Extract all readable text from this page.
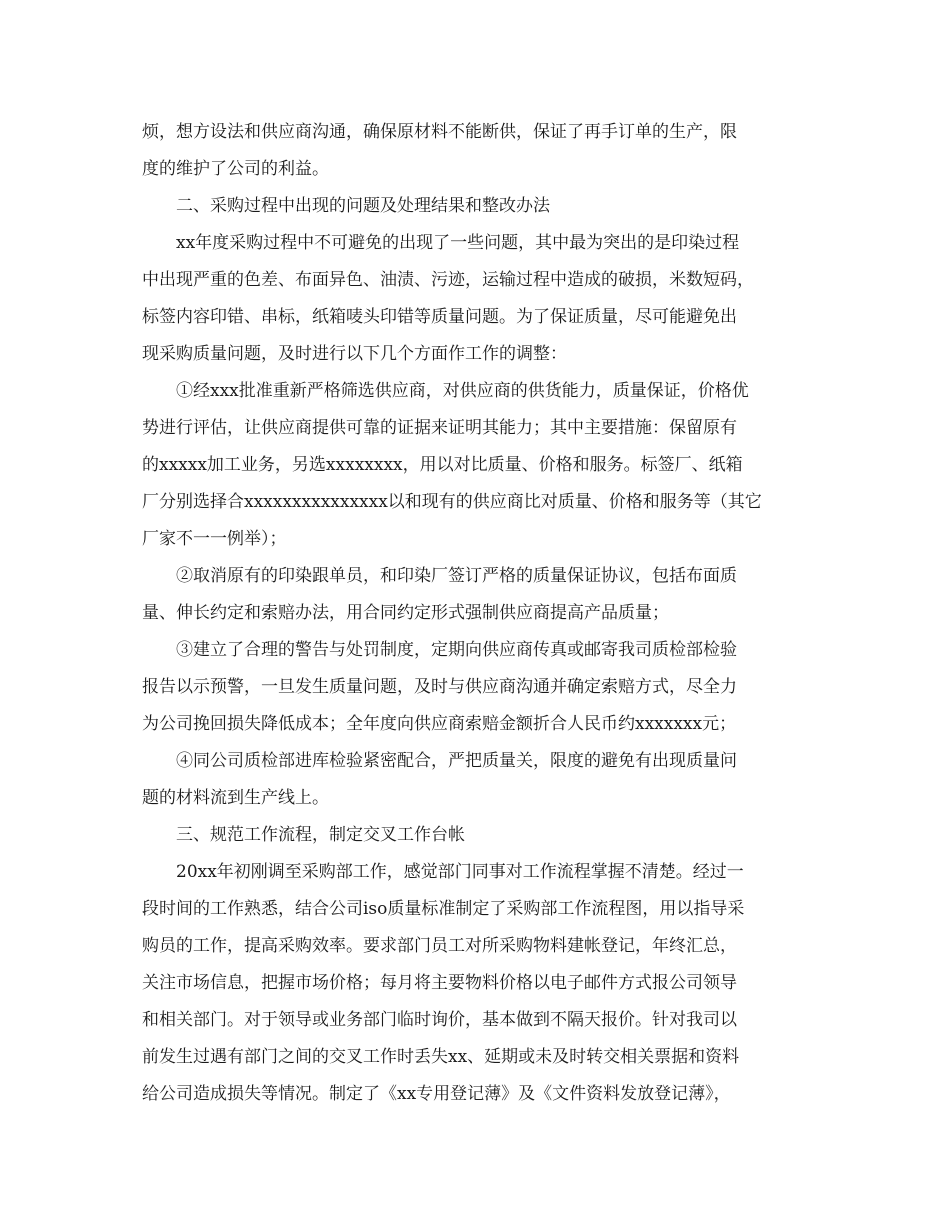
烦，想方设法和供应商沟通，确保原材料不能断供，保证了再手订单的生产，限
度的维护了公司的利益。
二、采购过程中出现的问题及处理结果和整改办法
xx年度采购过程中不可避免的出现了一些问题，其中最为突出的是印染过程
中出现严重的色差、布面异色、油渍、污迹，运输过程中造成的破损，米数短码，
标签内容印错、串标，纸箱唛头印错等质量问题。为了保证质量，尽可能避免出
现采购质量问题，及时进行以下几个方面作工作的调整：
①经xxx批准重新严格筛选供应商，对供应商的供货能力，质量保证，价格优
势进行评估，让供应商提供可靠的证据来证明其能力；其中主要措施：保留原有
的xxxxx加工业务，另选xxxxxxxx，用以对比质量、价格和服务。标签厂、纸箱
厂分别选择合xxxxxxxxxxxxxxx以和现有的供应商比对质量、价格和服务等（其它
厂家不一一例举）；
②取消原有的印染跟单员，和印染厂签订严格的质量保证协议，包括布面质
量、伸长约定和索赔办法，用合同约定形式强制供应商提高产品质量；
③建立了合理的警告与处罚制度，定期向供应商传真或邮寄我司质检部检验
报告以示预警，一旦发生质量问题，及时与供应商沟通并确定索赔方式，尽全力
为公司挽回损失降低成本；全年度向供应商索赔金额折合人民币约xxxxxxx元；
④同公司质检部进库检验紧密配合，严把质量关，限度的避免有出现质量问
题的材料流到生产线上。
三、规范工作流程，制定交叉工作台帐
20xx年初刚调至采购部工作，感觉部门同事对工作流程掌握不清楚。经过一
段时间的工作熟悉，结合公司iso质量标准制定了采购部工作流程图，用以指导采
购员的工作，提高采购效率。要求部门员工对所采购物料建帐登记，年终汇总，
关注市场信息，把握市场价格；每月将主要物料价格以电子邮件方式报公司领导
和相关部门。对于领导或业务部门临时询价，基本做到不隔天报价。针对我司以
前发生过遇有部门之间的交叉工作时丢失xx、延期或未及时转交相关票据和资料
给公司造成损失等情况。制定了《xx专用登记薄》及《文件资料发放登记薄》，
